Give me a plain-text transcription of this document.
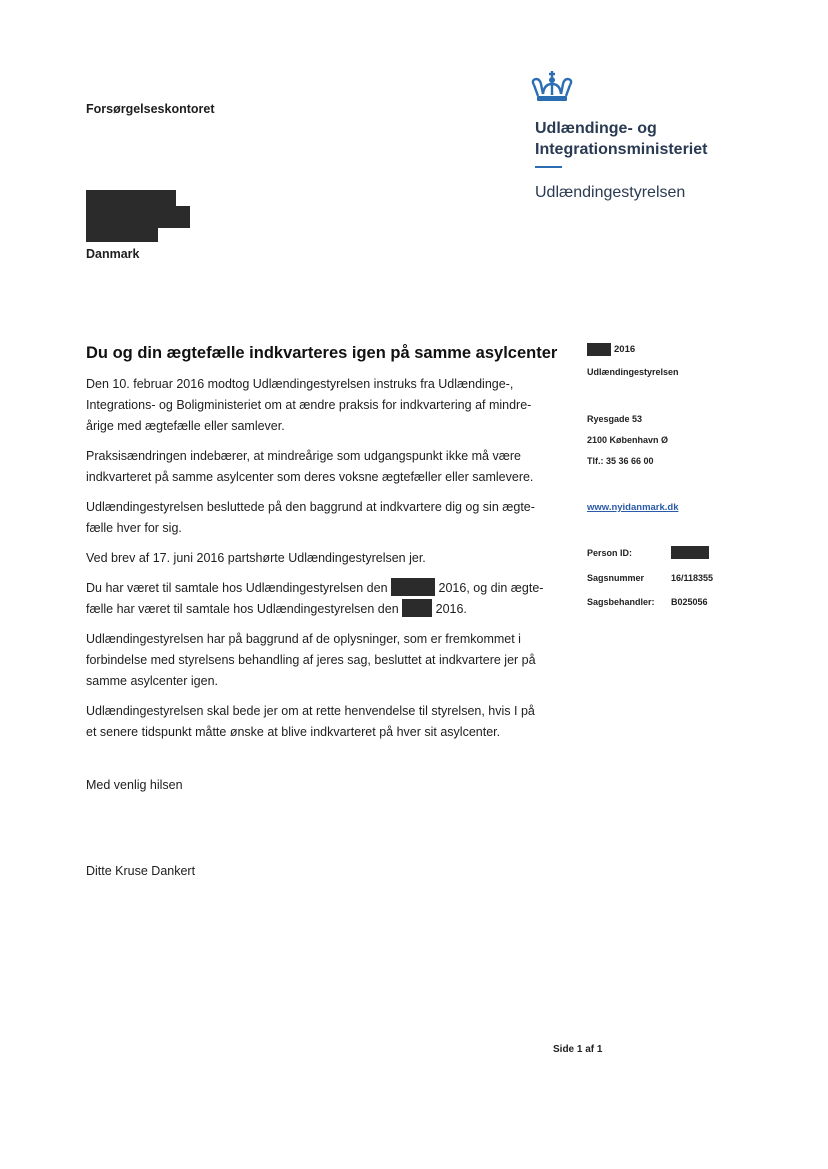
Forsørgelseskontoret
Udlændinge- og
Integrationsministeriet
Udlændingestyrelsen
Danmark
Du og din ægtefælle indkvarteres igen på samme asylcenter

Den 10. februar 2016 modtog Udlændingestyrelsen instruks fra Udlændinge-,
Integrations- og Boligministeriet om at ændre praksis for indkvartering af mindre-
årige med ægtefælle eller samlever.

Praksisændringen indebærer, at mindreårige som udgangspunkt ikke må være
indkvarteret på samme asylcenter som deres voksne ægtefæller eller samlevere.

Udlændingestyrelsen besluttede på den baggrund at indkvartere dig og sin ægte-
fælle hver for sig.

Ved brev af 17. juni 2016 partshørte Udlændingestyrelsen jer.

Du har været til samtale hos Udlændingestyrelsen den	2016, og din ægte-
fælle har været til samtale hos Udlændingestyrelsen den	2016.

Udlændingestyrelsen har på baggrund af de oplysninger, som er fremkommet i
forbindelse med styrelsens behandling af jeres sag, besluttet at indkvartere jer på
samme asylcenter igen.

Udlændingestyrelsen skal bede jer om at rette henvendelse til styrelsen, hvis I på
et senere tidspunkt måtte ønske at blive indkvarteret på hver sit asylcenter.

Med venlig hilsen
Ditte Kruse Dankert
2016
Udlændingestyrelsen
Ryesgade 53
2100 København Ø
Tlf.: 35 36 66 00
www.nyidanmark.dk
Person ID:
Sagsnummer	16/118355
Sagsbehandler: B025056
Side 1 af 1
